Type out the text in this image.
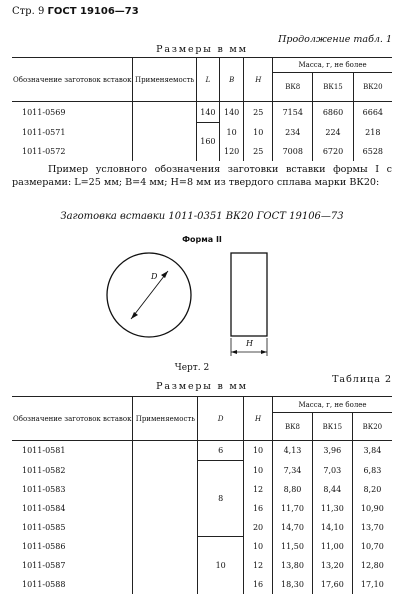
Стр. 9 ГОСТ 19106—73
Продолжение табл. 1
Размеры в мм
Обозначение заготовок вставок	Применяемость	L	B	H	Масса, г, не более		
					ВК8	ВК15	ВК20
1011-0569		140	140	25	7154	6860	6664
1011-0571		160	10	10	234	224	218
1011-0572			120	25	7008	6720	6528
Пример условного обозначения заготовки вставки формы I с размерами: L=25 мм; B=4 мм; H=8 мм из твердого сплава марки ВК20:
Заготовка вставки 1011-0351 ВК20 ГОСТ 19106—73
Форма II
D
H
Черт. 2
Таблица 2
Размеры в мм
Обозначение заготовок вставок	Применяемость	D	H	Масса, г, не более		
				ВК8	ВК15	ВК20
1011-0581		6	10	4,13	3,96	3,84
1011-0582		8	10	7,34	7,03	6,83
1011-0583			12	8,80	8,44	8,20
1011-0584			16	11,70	11,30	10,90
1011-0585			20	14,70	14,10	13,70
1011-0586		10	10	11,50	11,00	10,70
1011-0587			12	13,80	13,20	12,80
1011-0588			16	18,30	17,60	17,10
